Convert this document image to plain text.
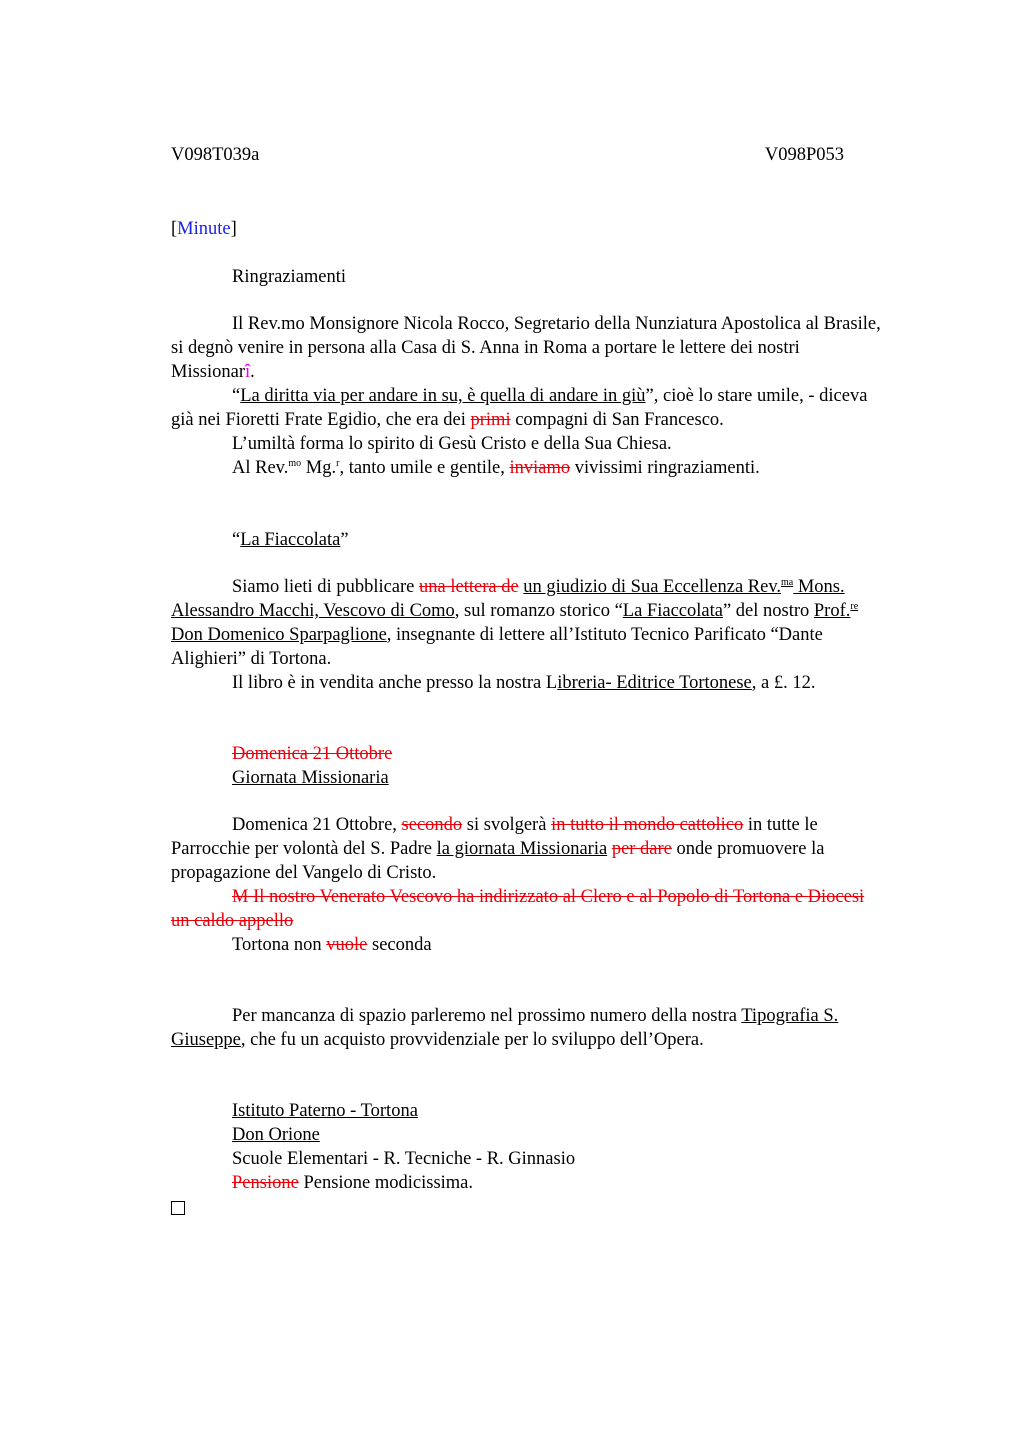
V098T039a	V098P053

[Minute]

Ringraziamenti

Il Rev.mo Monsignore Nicola Rocco, Segretario della Nunziatura Apostolica al Brasile, si degnò venire in persona alla Casa di S. Anna in Roma a portare le lettere dei nostri Missionarî.

“La diritta via per andare in su, è quella di andare in giù”, cioè lo stare umile, - diceva già nei Fioretti Frate Egidio, che era dei primi compagni di San Francesco.

L’umiltà forma lo spirito di Gesù Cristo e della Sua Chiesa.

Al Rev.$^{mo}$ Mg.$^r$, tanto umile e gentile, inviamo vivissimi ringraziamenti.

“La Fiaccolata”

Siamo lieti di pubblicare una lettera de un giudizio di Sua Eccellenza Rev.$^{ma}$ Mons. Alessandro Macchi, Vescovo di Como, sul romanzo storico “La Fiaccolata” del nostro Prof.$^{re}$ Don Domenico Sparpaglione, insegnante di lettere all’Istituto Tecnico Parificato “Dante Alighieri” di Tortona.

Il libro è in vendita anche presso la nostra Libreria- Editrice Tortonese, a £. 12.

Domenica 21 Ottobre

Giornata Missionaria

Domenica 21 Ottobre, secondo si svolgerà in tutto il mondo cattolico in tutte le Parrocchie per volontà del S. Padre la giornata Missionaria per dare onde promuovere la propagazione del Vangelo di Cristo.

M Il nostro Venerato Vescovo ha indirizzato al Clero e al Popolo di Tortona e Diocesi un caldo appello

Tortona non vuole seconda

Per mancanza di spazio parleremo nel prossimo numero della nostra Tipografia S. Giuseppe, che fu un acquisto provvidenziale per lo sviluppo dell’Opera.

Istituto Paterno - Tortona

Don Orione

Scuole Elementari - R. Tecniche - R. Ginnasio

Pensione Pensione modicissima.
